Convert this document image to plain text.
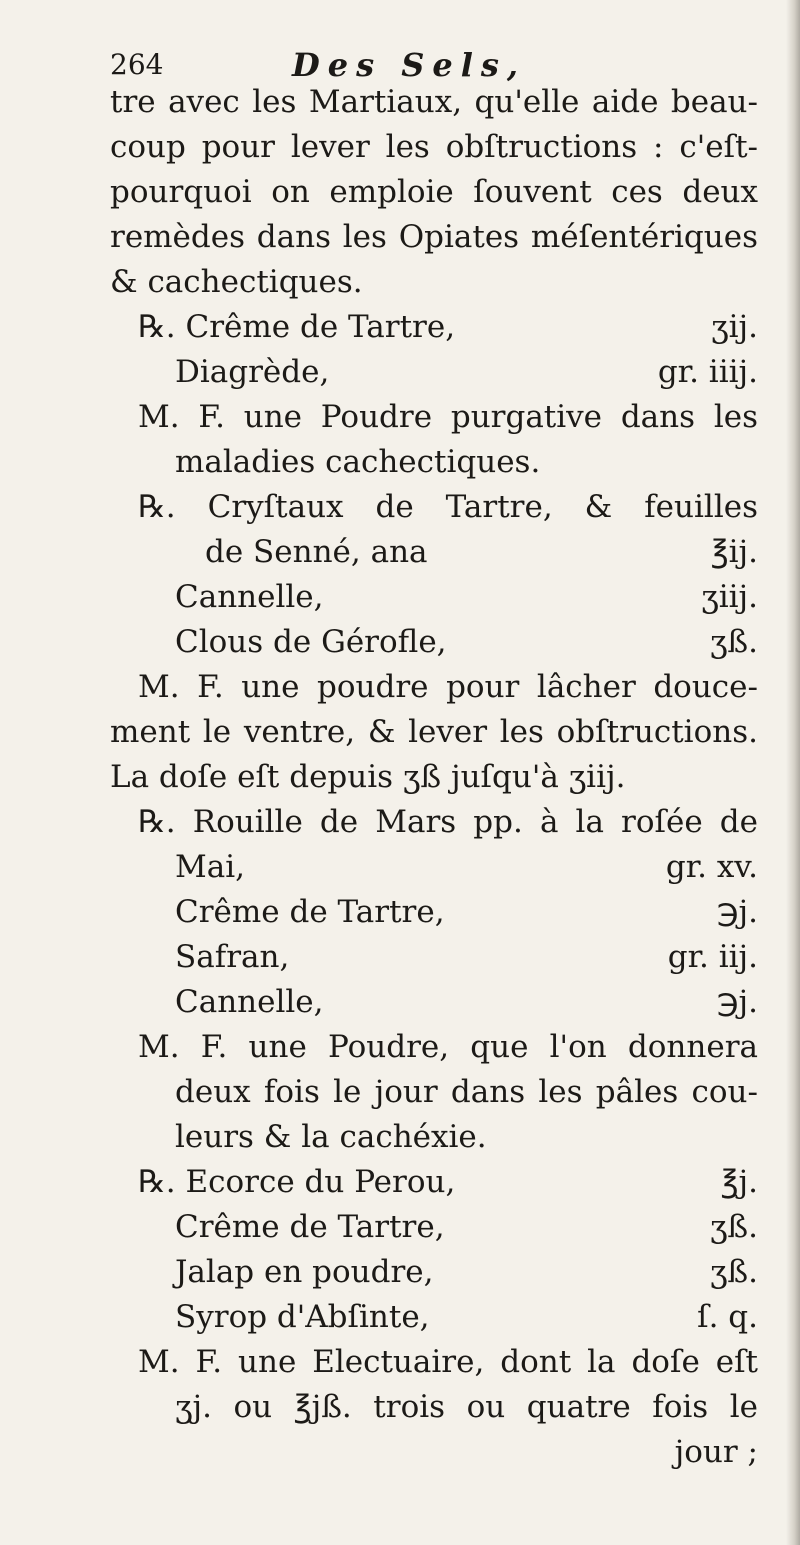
264	Des Sels,
tre avec les Martiaux, qu'elle aide beau-
coup pour lever les obſtructions : c'eſt-
pourquoi on emploie ſouvent ces deux
remèdes dans les Opiates méſentériques
& cachectiques.
℞. Crême de Tartre,	ʒij.
Diagrède,	gr. iiij.
M. F. une Poudre purgative dans les
maladies cachectiques.
℞. Cryſtaux de Tartre, & feuilles
de Senné, ana	℥ij.
Cannelle,	ʒiij.
Clous de Gérofle,	ʒß.
M. F. une poudre pour lâcher douce-
ment le ventre, & lever les obſtructions.
La doſe eſt depuis ʒß juſqu'à ʒiij.
℞. Rouille de Mars pp. à la roſée de
Mai,	gr. xv.
Crême de Tartre,	℈j.
Safran,	gr. iij.
Cannelle,	℈j.
M. F. une Poudre, que l'on donnera
deux fois le jour dans les pâles cou-
leurs & la cachéxie.
℞. Ecorce du Perou,	℥j.
Crême de Tartre,	ʒß.
Jalap en poudre,	ʒß.
Syrop d'Abſinte,	ſ. q.
M. F. une Electuaire, dont la doſe eſt
ʒj. ou ℥jß. trois ou quatre fois le
jour ;
